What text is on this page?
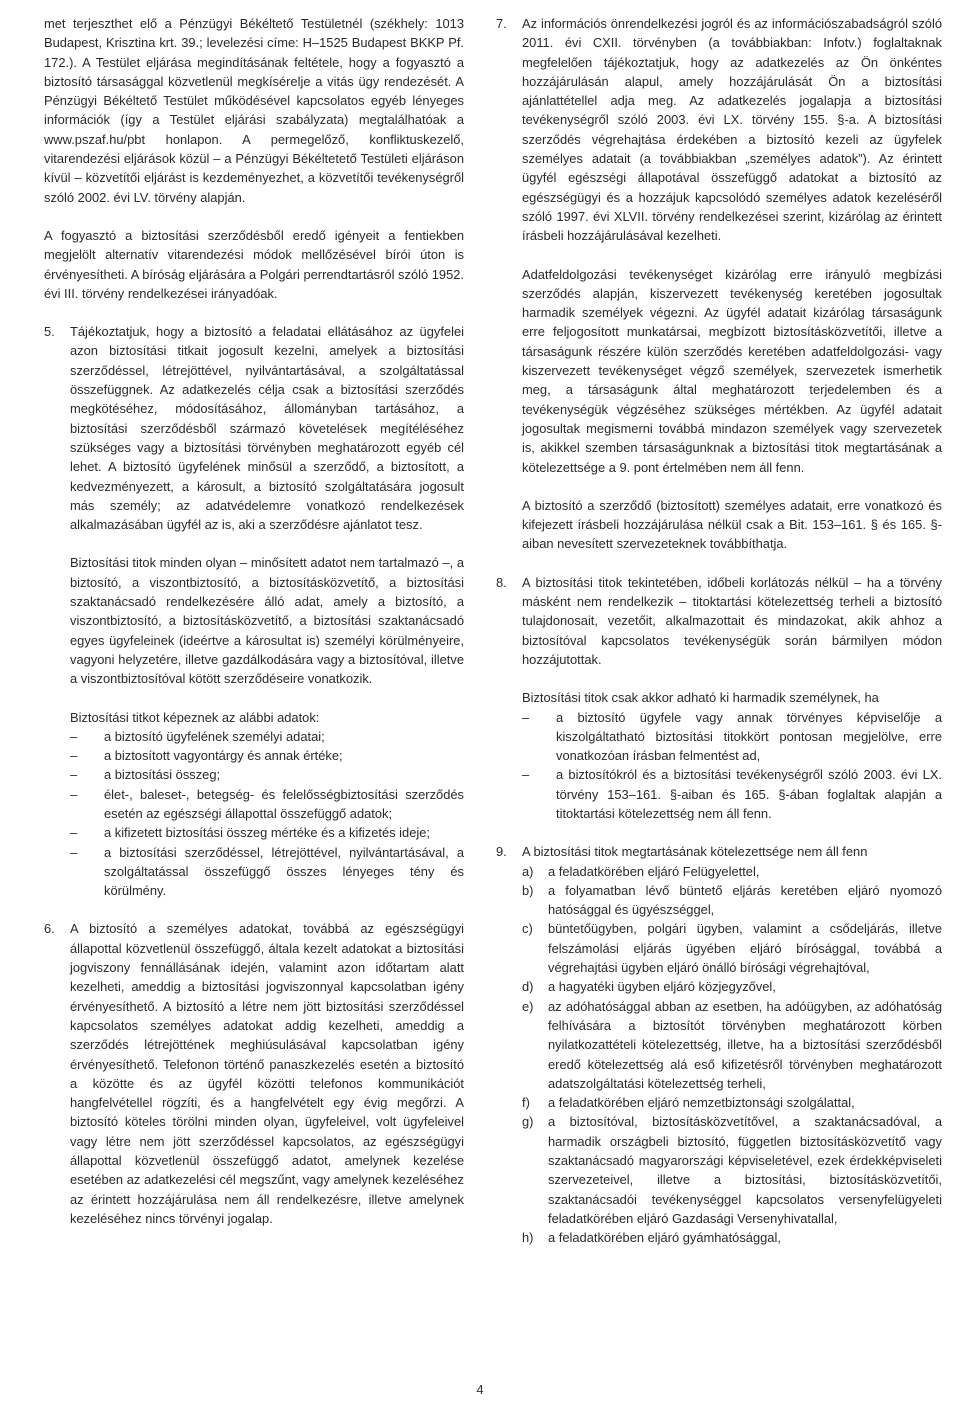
met terjeszthet elő a Pénzügyi Békéltető Testületnél (székhely: 1013 Budapest, Krisztina krt. 39.; levelezési címe: H–1525 Budapest BKKP Pf. 172.). A Testület eljárása megindításának feltétele, hogy a fogyasztó a biztosító társasággal közvetlenül megkísérelje a vitás ügy rendezését. A Pénzügyi Békéltető Testület működésével kapcsolatos egyéb lényeges információk (így a Testület eljárási szabályzata) megtalálhatóak a www.pszaf.hu/pbt honlapon. A permegelőző, konfliktuskezelő, vitarendezési eljárások közül – a Pénzügyi Békéltetető Testületi eljáráson kívül – közvetítői eljárást is kezdeményezhet, a közvetítői tevékenységről szóló 2002. évi LV. törvény alapján.

A fogyasztó a biztosítási szerződésből eredő igényeit a fentiekben megjelölt alternatív vitarendezési módok mellőzésével bírói úton is érvényesítheti. A bíróság eljárására a Polgári perrendtartásról szóló 1952. évi III. törvény rendelkezései irányadóak.

5. Tájékoztatjuk, hogy a biztosító a feladatai ellátásához az ügyfelei azon biztosítási titkait jogosult kezelni, amelyek a biztosítási szerződéssel, létrejöttével, nyilvántartásával, a szolgáltatással összefüggnek. Az adatkezelés célja csak a biztosítási szerződés megkötéséhez, módosításához, állományban tartásához, a biztosítási szerződésből származó követelések megítéléséhez szükséges vagy a biztosítási törvényben meghatározott egyéb cél lehet. A biztosító ügyfelének minősül a szerződő, a biztosított, a kedvezményezett, a károsult, a biztosító szolgáltatására jogosult más személy; az adatvédelemre vonatkozó rendelkezések alkalmazásában ügyfél az is, aki a szerződésre ajánlatot tesz.

Biztosítási titok minden olyan – minősített adatot nem tartalmazó –, a biztosító, a viszontbiztosító, a biztosításközvetítő, a biztosítási szaktanácsadó rendelkezésére álló adat, amely a biztosító, a viszontbiztosító, a biztosításközvetítő, a biztosítási szaktanácsadó egyes ügyfeleinek (ideértve a károsultat is) személyi körülményeire, vagyoni helyzetére, illetve gazdálkodására vagy a biztosítóval, illetve a viszontbiztosítóval kötött szerződéseire vonatkozik.

Biztosítási titkot képeznek az alábbi adatok:

– a biztosító ügyfelének személyi adatai;
– a biztosított vagyontárgy és annak értéke;
– a biztosítási összeg;
– élet-, baleset-, betegség- és felelősségbiztosítási szerződés esetén az egészségi állapottal összefüggő adatok;
– a kifizetett biztosítási összeg mértéke és a kifizetés ideje;
– a biztosítási szerződéssel, létrejöttével, nyilvántartásával, a szolgáltatással összefüggő összes lényeges tény és körülmény.
6. A biztosító a személyes adatokat, továbbá az egészségügyi állapottal közvetlenül összefüggő, általa kezelt adatokat a biztosítási jogviszony fennállásának idején, valamint azon időtartam alatt kezelheti, ameddig a biztosítási jogviszonnyal kapcsolatban igény érvényesíthető. A biztosító a létre nem jött biztosítási szerződéssel kapcsolatos személyes adatokat addig kezelheti, ameddig a szerződés létrejöttének meghiúsulásával kapcsolatban igény érvényesíthető. Telefonon történő panaszkezelés esetén a biztosító a közötte és az ügyfél közötti telefonos kommunikációt hangfelvétellel rögzíti, és a hangfelvételt egy évig megőrzi. A biztosító köteles törölni minden olyan, ügyfeleivel, volt ügyfeleivel vagy létre nem jött szerződéssel kapcsolatos, az egészségügyi állapottal közvetlenül összefüggő adatot, amelynek kezelése esetében az adatkezelési cél megszűnt, vagy amelynek kezeléséhez az érintett hozzájárulása nem áll rendelkezésre, illetve amelynek kezeléséhez nincs törvényi jogalap.

7. Az információs önrendelkezési jogról és az információszabadságról szóló 2011. évi CXII. törvényben (a továbbiakban: Infotv.) foglaltaknak megfelelően tájékoztatjuk, hogy az adatkezelés az Ön önkéntes hozzájárulásán alapul, amely hozzájárulását Ön a biztosítási ajánlattétellel adja meg. Az adatkezelés jogalapja a biztosítási tevékenységről szóló 2003. évi LX. törvény 155. §-a. A biztosítási szerződés végrehajtása érdekében a biztosító kezeli az ügyfelek személyes adatait (a továbbiakban „személyes adatok”). Az érintett ügyfél egészségi állapotával összefüggő adatokat a biztosító az egészségügyi és a hozzájuk kapcsolódó személyes adatok kezeléséről szóló 1997. évi XLVII. törvény rendelkezései szerint, kizárólag az érintett írásbeli hozzájárulásával kezelheti.

Adatfeldolgozási tevékenységet kizárólag erre irányuló megbízási szerződés alapján, kiszervezett tevékenység keretében jogosultak harmadik személyek végezni. Az ügyfél adatait kizárólag társaságunk erre feljogosított munkatársai, megbízott biztosításközvetítői, illetve a társaságunk részére külön szerződés keretében adatfeldolgozási- vagy kiszervezett tevékenységet végző személyek, szervezetek ismerhetik meg, a társaságunk által meghatározott terjedelemben és a tevékenységük végzéséhez szükséges mértékben. Az ügyfél adatait jogosultak megismerni továbbá mindazon személyek vagy szervezetek is, akikkel szemben társaságunknak a biztosítási titok megtartásának a kötelezettsége a 9. pont értelmében nem áll fenn.

A biztosító a szerződő (biztosított) személyes adatait, erre vonatkozó és kifejezett írásbeli hozzájárulása nélkül csak a Bit. 153–161. § és 165. §-aiban nevesített szervezeteknek továbbíthatja.

8. A biztosítási titok tekintetében, időbeli korlátozás nélkül – ha a törvény másként nem rendelkezik – titoktartási kötelezettség terheli a biztosító tulajdonosait, vezetőit, alkalmazottait és mindazokat, akik ahhoz a biztosítóval kapcsolatos tevékenységük során bármilyen módon hozzájutottak.

Biztosítási titok csak akkor adható ki harmadik személynek, ha

– a biztosító ügyfele vagy annak törvényes képviselője a kiszolgáltatható biztosítási titokkört pontosan megjelölve, erre vonatkozóan írásban felmentést ad,
– a biztosítókról és a biztosítási tevékenységről szóló 2003. évi LX. törvény 153–161. §-aiban és 165. §-ában foglaltak alapján a titoktartási kötelezettség nem áll fenn.
9. A biztosítási titok megtartásának kötelezettsége nem áll fenn

a) a feladatkörében eljáró Felügyelettel,
b) a folyamatban lévő büntető eljárás keretében eljáró nyomozó hatósággal és ügyészséggel,
c) büntetőügyben, polgári ügyben, valamint a csődeljárás, illetve felszámolási eljárás ügyében eljáró bírósággal, továbbá a végrehajtási ügyben eljáró önálló bírósági végrehajtóval,
d) a hagyatéki ügyben eljáró közjegyzővel,
e) az adóhatósággal abban az esetben, ha adóügyben, az adóhatóság felhívására a biztosítót törvényben meghatározott körben nyilatkozattételi kötelezettség, illetve, ha a biztosítási szerződésből eredő kötelezettség alá eső kifizetésről törvényben meghatározott adatszolgáltatási kötelezettség terheli,
f) a feladatkörében eljáró nemzetbiztonsági szolgálattal,
g) a biztosítóval, biztosításközvetítővel, a szaktanácsadóval, a harmadik országbeli biztosító, független biztosításközvetítő vagy szaktanácsadó magyarországi képviseletével, ezek érdekképviseleti szervezeteivel, illetve a biztosítási, biztosításközvetítői, szaktanácsadói tevékenységgel kapcsolatos versenyfelügyeleti feladatkörében eljáró Gazdasági Versenyhivatallal,
h) a feladatkörében eljáró gyámhatósággal,
4
